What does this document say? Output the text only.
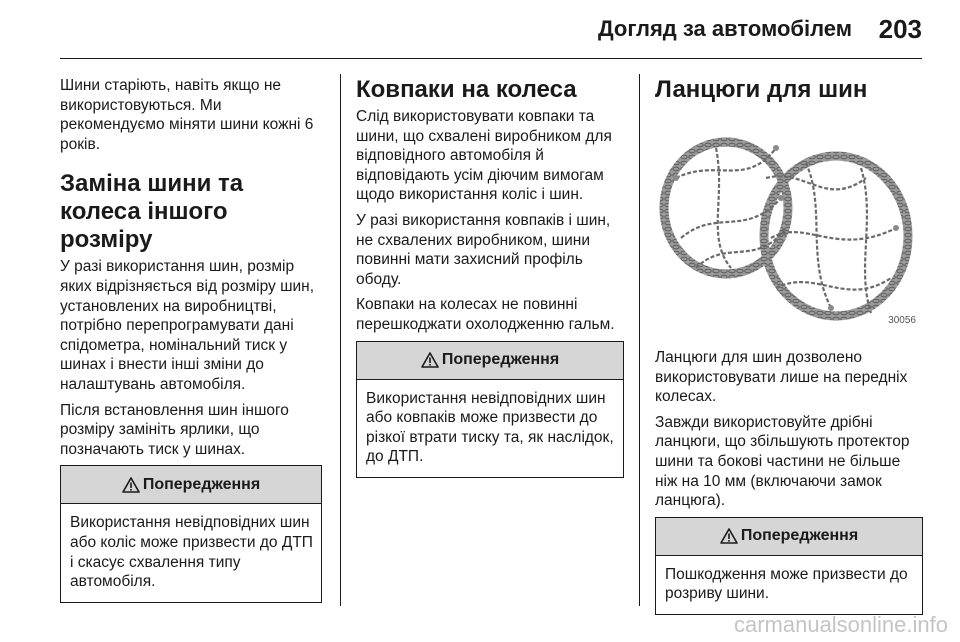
Догляд за автомобілем 203

Шини старіють, навіть якщо не використовуються. Ми рекомендуємо міняти шини кожні 6 років.

Заміна шини та колеса іншого розміру

У разі використання шин, розмір яких відрізняється від розміру шин, установлених на виробництві, потрібно перепрограмувати дані спідометра, номінальний тиск у шинах і внести інші зміни до налаштувань автомобіля.

Після встановлення шин іншого розміру замініть ярлики, що позначають тиск у шинах.

Попередження
Використання невідповідних шин або коліс може призвести до ДТП і скасує схвалення типу автомобіля.
Ковпаки на колеса

Слід використовувати ковпаки та шини, що схвалені виробником для відповідного автомобіля й відповідають усім діючим вимогам щодо використання коліс і шин.

У разі використання ковпаків і шин, не схвалених виробником, шини повинні мати захисний профіль ободу.

Ковпаки на колесах не повинні перешкоджати охолодженню гальм.

Попередження
Використання невідповідних шин або ковпаків може призвести до різкої втрати тиску та, як наслідок, до ДТП.
Ланцюги для шин
30056

Ланцюги для шин дозволено використовувати лише на передніх колесах.

Завжди використовуйте дрібні ланцюги, що збільшують протектор шини та бокові частини не більше ніж на 10 мм (включаючи замок ланцюга).

Попередження
Пошкодження може призвести до розриву шини.
carmanualsonline.info
